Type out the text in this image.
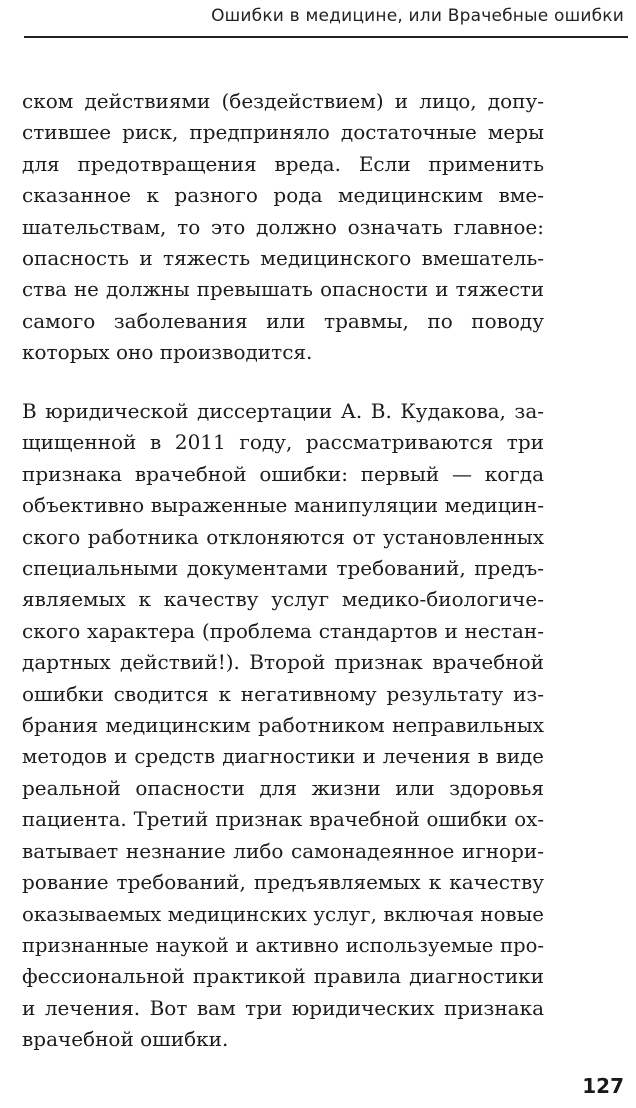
Ошибки в медицине, или Врачебные ошибки
ском действиями (бездействием) и лицо, допу-
стившее риск, предприняло достаточные меры
для предотвращения вреда. Если применить
сказанное к разного рода медицинским вме-
шательствам, то это должно означать главное:
опасность и тяжесть медицинского вмешатель-
ства не должны превышать опасности и тяжести
самого заболевания или травмы, по поводу
которых оно производится.
В юридической диссертации А. В. Кудакова, за-
щищенной в 2011 году, рассматриваются три
признака врачебной ошибки: первый — когда
объективно выраженные манипуляции медицин-
ского работника отклоняются от установленных
специальными документами требований, предъ-
являемых к качеству услуг медико-биологиче-
ского характера (проблема стандартов и нестан-
дартных действий!). Второй признак врачебной
ошибки сводится к негативному результату из-
брания медицинским работником неправильных
методов и средств диагностики и лечения в виде
реальной опасности для жизни или здоровья
пациента. Третий признак врачебной ошибки ох-
ватывает незнание либо самонадеянное игнори-
рование требований, предъявляемых к качеству
оказываемых медицинских услуг, включая новые
признанные наукой и активно используемые про-
фессиональной практикой правила диагностики
и лечения. Вот вам три юридических признака
врачебной ошибки.
127
